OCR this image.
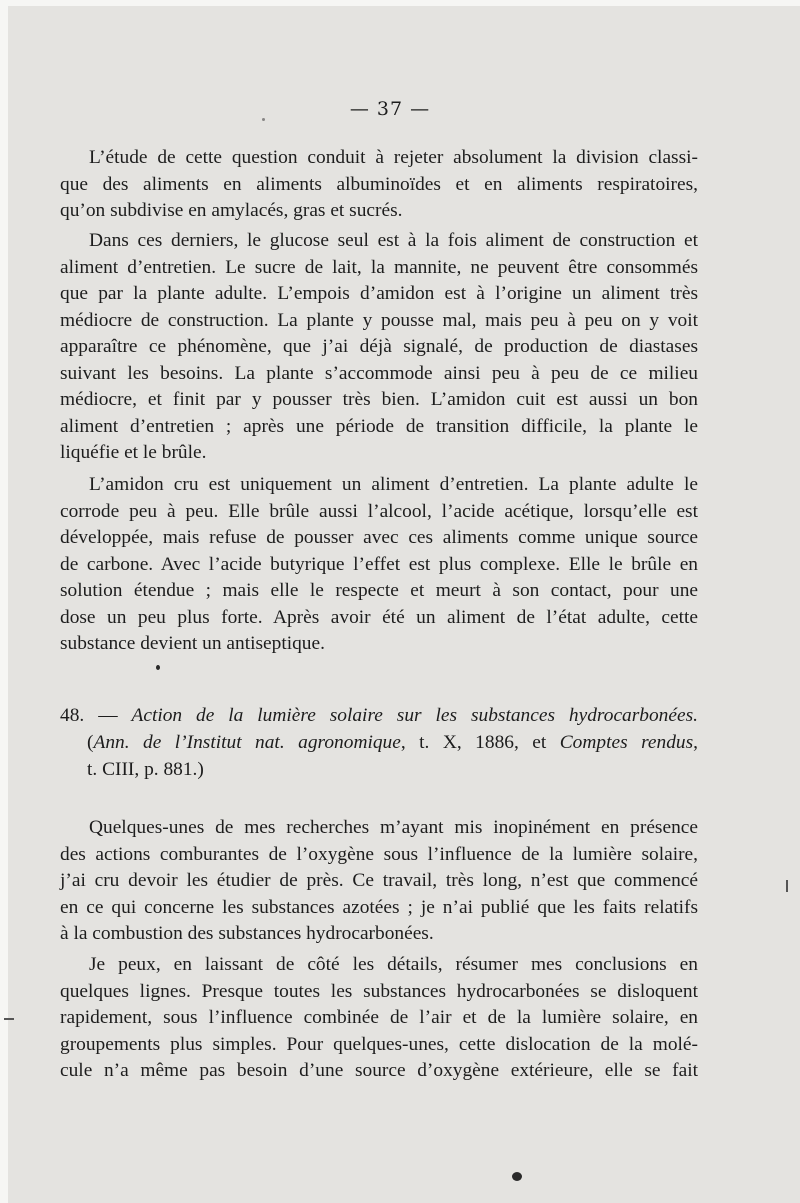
— 37 —
L’étude de cette question conduit à rejeter absolument la division classi-
que des aliments en aliments albuminoïdes et en aliments respiratoires,
qu’on subdivise en amylacés, gras et sucrés.
Dans ces derniers, le glucose seul est à la fois aliment de construction et
aliment d’entretien. Le sucre de lait, la mannite, ne peuvent être consommés
que par la plante adulte. L’empois d’amidon est à l’origine un aliment très
médiocre de construction. La plante y pousse mal, mais peu à peu on y voit
apparaître ce phénomène, que j’ai déjà signalé, de production de diastases
suivant les besoins. La plante s’accommode ainsi peu à peu de ce milieu
médiocre, et finit par y pousser très bien. L’amidon cuit est aussi un bon
aliment d’entretien ; après une période de transition difficile, la plante le
liquéfie et le brûle.
L’amidon cru est uniquement un aliment d’entretien. La plante adulte le
corrode peu à peu. Elle brûle aussi l’alcool, l’acide acétique, lorsqu’elle est
développée, mais refuse de pousser avec ces aliments comme unique source
de carbone. Avec l’acide butyrique l’effet est plus complexe. Elle le brûle en
solution étendue ; mais elle le respecte et meurt à son contact, pour une
dose un peu plus forte. Après avoir été un aliment de l’état adulte, cette
substance devient un antiseptique.
48. — Action de la lumière solaire sur les substances hydrocarbonées.
(Ann. de l’Institut nat. agronomique, t. X, 1886, et Comptes rendus,
t. CIII, p. 881.)
Quelques-unes de mes recherches m’ayant mis inopinément en présence
des actions comburantes de l’oxygène sous l’influence de la lumière solaire,
j’ai cru devoir les étudier de près. Ce travail, très long, n’est que commencé
en ce qui concerne les substances azotées ; je n’ai publié que les faits relatifs
à la combustion des substances hydrocarbonées.
Je peux, en laissant de côté les détails, résumer mes conclusions en
quelques lignes. Presque toutes les substances hydrocarbonées se disloquent
rapidement, sous l’influence combinée de l’air et de la lumière solaire, en
groupements plus simples. Pour quelques-unes, cette dislocation de la molé-
cule n’a même pas besoin d’une source d’oxygène extérieure, elle se fait
